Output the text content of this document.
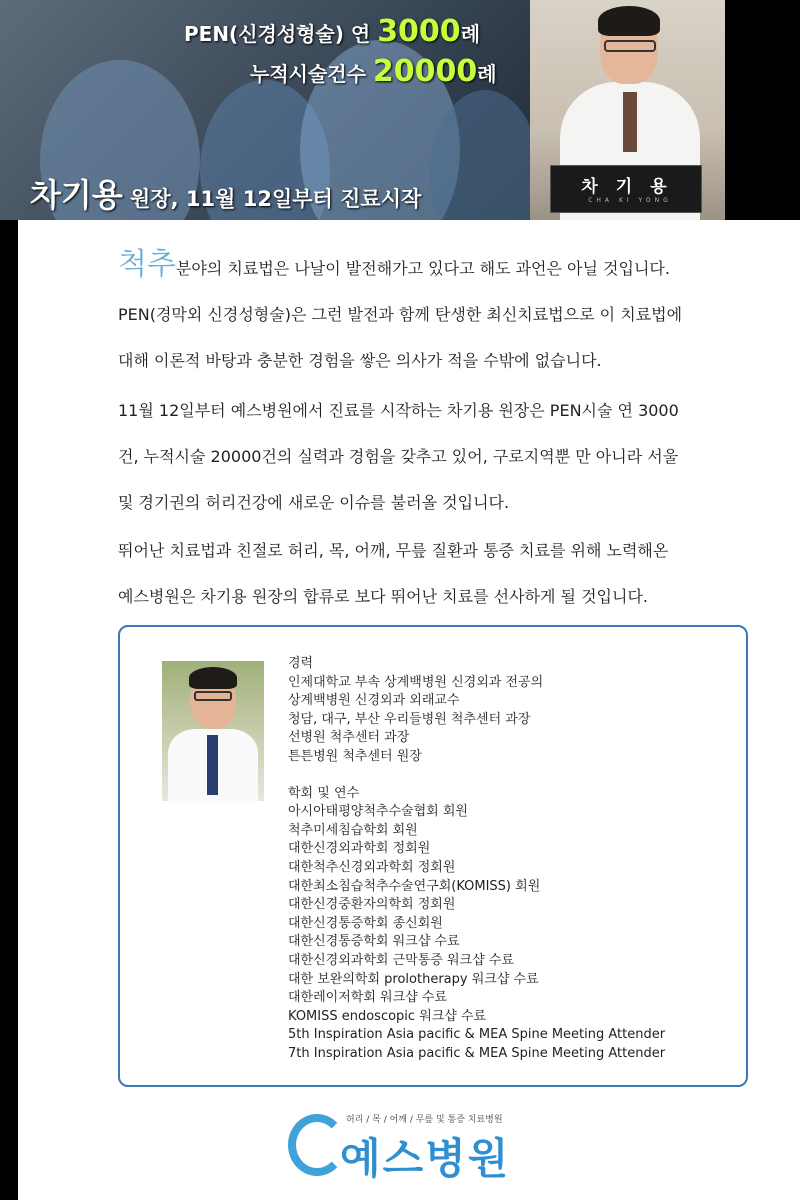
차기용
CHA KI YONG
PEN(신경성형술) 연 3000례
누적시술건수 20000례
차기용 원장, 11월 12일부터 진료시작
척추분야의 치료법은 나날이 발전해가고 있다고 해도 과언은 아닐 것입니다.
PEN(경막외 신경성형술)은 그런 발전과 함께 탄생한 최신치료법으로 이 치료법에
대해 이론적 바탕과 충분한 경험을 쌓은 의사가 적을 수밖에 없습니다.
11월 12일부터 예스병원에서 진료를 시작하는 차기용 원장은 PEN시술 연 3000
건, 누적시술 20000건의 실력과 경험을 갖추고 있어, 구로지역뿐 만 아니라 서울
및 경기권의 허리건강에 새로운 이슈를 불러올 것입니다.
뛰어난 치료법과 친절로 허리, 목, 어깨, 무릎 질환과 통증 치료를 위해 노력해온
예스병원은 차기용 원장의 합류로 보다 뛰어난 치료를 선사하게 될 것입니다.
경력
인제대학교 부속 상계백병원 신경외과 전공의
상계백병원 신경외과 외래교수
청담, 대구, 부산 우리들병원 척추센터 과장
선병원 척추센터 과장
튼튼병원 척추센터 원장
학회 및 연수
아시아태평양척추수술협회 회원
척추미세침습학회 회원
대한신경외과학회 정회원
대한척추신경외과학회 정회원
대한최소침습척추수술연구회(KOMISS) 회원
대한신경중환자의학회 정회원
대한신경통증학회 종신회원
대한신경통증학회 워크샵 수료
대한신경외과학회 근막통증 워크샵 수료
대한 보완의학회 prolotherapy 워크샵 수료
대한레이저학회 워크샵 수료
KOMISS endoscopic 워크샵 수료
5th Inspiration Asia pacific & MEA Spine Meeting Attender
7th Inspiration Asia pacific & MEA Spine Meeting Attender
허리 / 목 / 어깨 / 무릎 및 통증 치료병원
예스병원
